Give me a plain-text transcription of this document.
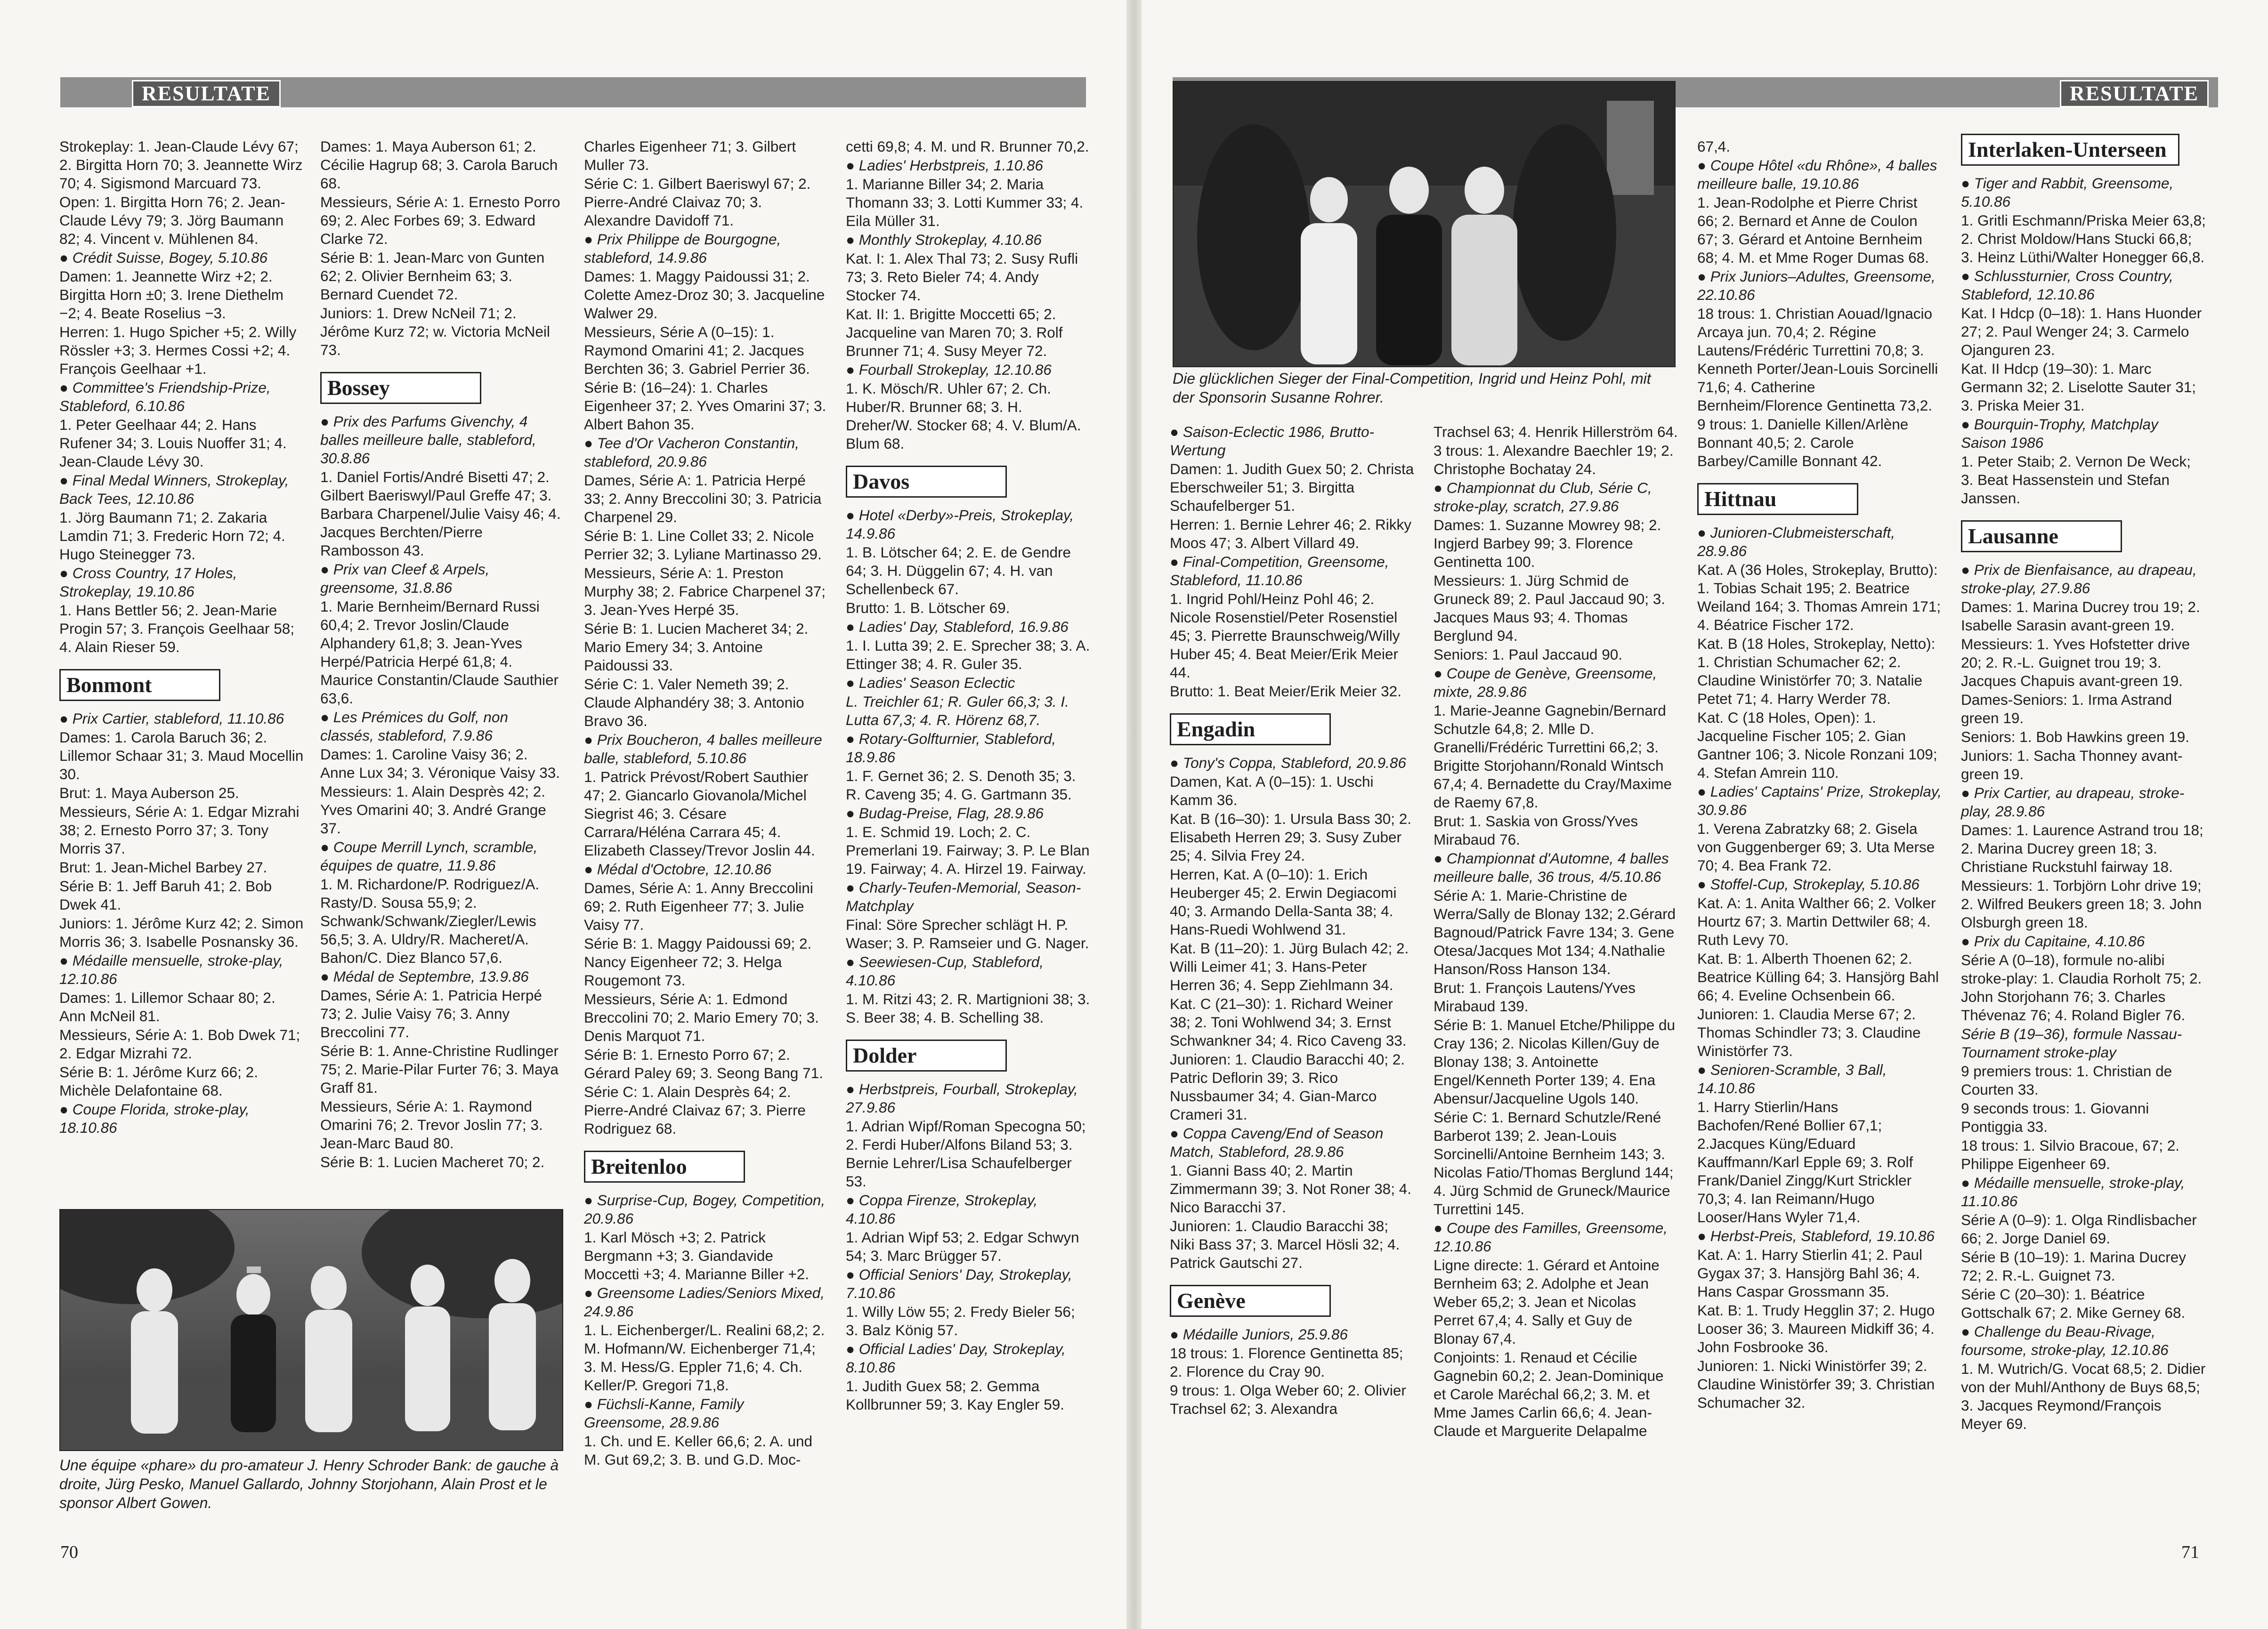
RESULTATE	RESULTATE

Strokeplay: 1. Jean-Claude Lévy 67; 2. Birgitta Horn 70; 3. Jeannette Wirz 70; 4. Sigismond Marcuard 73.

Open: 1. Birgitta Horn 76; 2. Jean-Claude Lévy 79; 3. Jörg Baumann 82; 4. Vincent v. Mühlenen 84.

● Crédit Suisse, Bogey, 5.10.86

Damen: 1. Jeannette Wirz +2; 2. Birgitta Horn ±0; 3. Irene Diethelm −2; 4. Beate Roselius −3.

Herren: 1. Hugo Spicher +5; 2. Willy Rössler +3; 3. Hermes Cossi +2; 4. François Geelhaar +1.

● Committee's Friendship-Prize, Stableford, 6.10.86

1. Peter Geelhaar 44; 2. Hans Rufener 34; 3. Louis Nuoffer 31; 4. Jean-Claude Lévy 30.

● Final Medal Winners, Strokeplay, Back Tees, 12.10.86

1. Jörg Baumann 71; 2. Zakaria Lamdin 71; 3. Frederic Horn 72; 4. Hugo Steinegger 73.

● Cross Country, 17 Holes, Strokeplay, 19.10.86

1. Hans Bettler 56; 2. Jean-Marie Progin 57; 3. François Geelhaar 58; 4. Alain Rieser 59.

Bonmont

● Prix Cartier, stableford, 11.10.86

Dames: 1. Carola Baruch 36; 2. Lillemor Schaar 31; 3. Maud Mocellin 30.

Brut: 1. Maya Auberson 25.

Messieurs, Série A: 1. Edgar Mizrahi 38; 2. Ernesto Porro 37; 3. Tony Morris 37.

Brut: 1. Jean-Michel Barbey 27.

Série B: 1. Jeff Baruh 41; 2. Bob Dwek 41.

Juniors: 1. Jérôme Kurz 42; 2. Simon Morris 36; 3. Isabelle Posnansky 36.

● Médaille mensuelle, stroke-play, 12.10.86

Dames: 1. Lillemor Schaar 80; 2. Ann McNeil 81.

Messieurs, Série A: 1. Bob Dwek 71; 2. Edgar Mizrahi 72.

Série B: 1. Jérôme Kurz 66; 2. Michèle Delafontaine 68.

● Coupe Florida, stroke-play, 18.10.86

Dames: 1. Maya Auberson 61; 2. Cécilie Hagrup 68; 3. Carola Baruch 68.

Messieurs, Série A: 1. Ernesto Porro 69; 2. Alec Forbes 69; 3. Edward Clarke 72.

Série B: 1. Jean-Marc von Gunten 62; 2. Olivier Bernheim 63; 3. Bernard Cuendet 72.

Juniors: 1. Drew NcNeil 71; 2. Jérôme Kurz 72; w. Victoria McNeil 73.

Bossey

● Prix des Parfums Givenchy, 4 balles meilleure balle, stableford, 30.8.86

1. Daniel Fortis/André Bisetti 47; 2. Gilbert Baeriswyl/Paul Greffe 47; 3. Barbara Charpenel/Julie Vaisy 46; 4. Jacques Berchten/Pierre Rambosson 43.

● Prix van Cleef & Arpels, greensome, 31.8.86

1. Marie Bernheim/Bernard Russi 60,4; 2. Trevor Joslin/Claude Alphandery 61,8; 3. Jean-Yves Herpé/Patricia Herpé 61,8; 4. Maurice Constantin/Claude Sauthier 63,6.

● Les Prémices du Golf, non classés, stableford, 7.9.86

Dames: 1. Caroline Vaisy 36; 2. Anne Lux 34; 3. Véronique Vaisy 33.

Messieurs: 1. Alain Desprès 42; 2. Yves Omarini 40; 3. André Grange 37.

● Coupe Merrill Lynch, scramble, équipes de quatre, 11.9.86

1. M. Richardone/P. Rodriguez/A. Rasty/D. Sousa 55,9; 2. Schwank/Schwank/Ziegler/Lewis 56,5; 3. A. Uldry/R. Macheret/A. Bahon/C. Diez Blanco 57,6.

● Médal de Septembre, 13.9.86

Dames, Série A: 1. Patricia Herpé 73; 2. Julie Vaisy 76; 3. Anny Breccolini 77.

Série B: 1. Anne-Christine Rudlinger 75; 2. Marie-Pilar Furter 76; 3. Maya Graff 81.

Messieurs, Série A: 1. Raymond Omarini 76; 2. Trevor Joslin 77; 3. Jean-Marc Baud 80.

Série B: 1. Lucien Macheret 70; 2.

Une équipe «phare» du pro-amateur J. Henry Schroder Bank: de gauche à droite, Jürg Pesko, Manuel Gallardo, Johnny Storjohann, Alain Prost et le sponsor Albert Gowen.

Charles Eigenheer 71; 3. Gilbert Muller 73.

Série C: 1. Gilbert Baeriswyl 67; 2. Pierre-André Claivaz 70; 3. Alexandre Davidoff 71.

● Prix Philippe de Bourgogne, stableford, 14.9.86

Dames: 1. Maggy Paidoussi 31; 2. Colette Amez-Droz 30; 3. Jacqueline Walwer 29.

Messieurs, Série A (0–15): 1. Raymond Omarini 41; 2. Jacques Berchten 36; 3. Gabriel Perrier 36.

Série B: (16–24): 1. Charles Eigenheer 37; 2. Yves Omarini 37; 3. Albert Bahon 35.

● Tee d'Or Vacheron Constantin, stableford, 20.9.86

Dames, Série A: 1. Patricia Herpé 33; 2. Anny Breccolini 30; 3. Patricia Charpenel 29.

Série B: 1. Line Collet 33; 2. Nicole Perrier 32; 3. Lyliane Martinasso 29.

Messieurs, Série A: 1. Preston Murphy 38; 2. Fabrice Charpenel 37; 3. Jean-Yves Herpé 35.

Série B: 1. Lucien Macheret 34; 2. Mario Emery 34; 3. Antoine Paidoussi 33.

Série C: 1. Valer Nemeth 39; 2. Claude Alphandéry 38; 3. Antonio Bravo 36.

● Prix Boucheron, 4 balles meilleure balle, stableford, 5.10.86

1. Patrick Prévost/Robert Sauthier 47; 2. Giancarlo Giovanola/Michel Siegrist 46; 3. Césare Carrara/Héléna Carrara 45; 4. Elizabeth Classey/Trevor Joslin 44.

● Médal d'Octobre, 12.10.86

Dames, Série A: 1. Anny Breccolini 69; 2. Ruth Eigenheer 77; 3. Julie Vaisy 77.

Série B: 1. Maggy Paidoussi 69; 2. Nancy Eigenheer 72; 3. Helga Rougemont 73.

Messieurs, Série A: 1. Edmond Breccolini 70; 2. Mario Emery 70; 3. Denis Marquot 71.

Série B: 1. Ernesto Porro 67; 2. Gérard Paley 69; 3. Seong Bang 71.

Série C: 1. Alain Desprès 64; 2. Pierre-André Claivaz 67; 3. Pierre Rodriguez 68.

Breitenloo

● Surprise-Cup, Bogey, Competition, 20.9.86

1. Karl Mösch +3; 2. Patrick Bergmann +3; 3. Giandavide Moccetti +3; 4. Marianne Biller +2.

● Greensome Ladies/Seniors Mixed, 24.9.86

1. L. Eichenberger/L. Realini 68,2; 2. M. Hofmann/W. Eichenberger 71,4; 3. M. Hess/G. Eppler 71,6; 4. Ch. Keller/P. Gregori 71,8.

● Füchsli-Kanne, Family Greensome, 28.9.86

1. Ch. und E. Keller 66,6; 2. A. und M. Gut 69,2; 3. B. und G.D. Moc-

cetti 69,8; 4. M. und R. Brunner 70,2.

● Ladies' Herbstpreis, 1.10.86

1. Marianne Biller 34; 2. Maria Thomann 33; 3. Lotti Kummer 33; 4. Eila Müller 31.

● Monthly Strokeplay, 4.10.86

Kat. I: 1. Alex Thal 73; 2. Susy Rufli 73; 3. Reto Bieler 74; 4. Andy Stocker 74.

Kat. II: 1. Brigitte Moccetti 65; 2. Jacqueline van Maren 70; 3. Rolf Brunner 71; 4. Susy Meyer 72.

● Fourball Strokeplay, 12.10.86

1. K. Mösch/R. Uhler 67; 2. Ch. Huber/R. Brunner 68; 3. H. Dreher/W. Stocker 68; 4. V. Blum/A. Blum 68.

Davos

● Hotel «Derby»-Preis, Strokeplay, 14.9.86

1. B. Lötscher 64; 2. E. de Gendre 64; 3. H. Düggelin 67; 4. H. van Schellenbeck 67.

Brutto: 1. B. Lötscher 69.

● Ladies' Day, Stableford, 16.9.86

1. I. Lutta 39; 2. E. Sprecher 38; 3. A. Ettinger 38; 4. R. Guler 35.

● Ladies' Season Eclectic

L. Treichler 61; R. Guler 66,3; 3. I. Lutta 67,3; 4. R. Hörenz 68,7.

● Rotary-Golfturnier, Stableford, 18.9.86

1. F. Gernet 36; 2. S. Denoth 35; 3. R. Caveng 35; 4. G. Gartmann 35.

● Budag-Preise, Flag, 28.9.86

1. E. Schmid 19. Loch; 2. C. Premerlani 19. Fairway; 3. P. Le Blan 19. Fairway; 4. A. Hirzel 19. Fairway.

● Charly-Teufen-Memorial, Season-Matchplay

Final: Söre Sprecher schlägt H. P. Waser; 3. P. Ramseier und G. Nager.

● Seewiesen-Cup, Stableford, 4.10.86

1. M. Ritzi 43; 2. R. Martignioni 38; 3. S. Beer 38; 4. B. Schelling 38.

Dolder

● Herbstpreis, Fourball, Strokeplay, 27.9.86

1. Adrian Wipf/Roman Specogna 50; 2. Ferdi Huber/Alfons Biland 53; 3. Bernie Lehrer/Lisa Schaufelberger 53.

● Coppa Firenze, Strokeplay, 4.10.86

1. Adrian Wipf 53; 2. Edgar Schwyn 54; 3. Marc Brügger 57.

● Official Seniors' Day, Strokeplay, 7.10.86

1. Willy Löw 55; 2. Fredy Bieler 56; 3. Balz König 57.

● Official Ladies' Day, Strokeplay, 8.10.86

1. Judith Guex 58; 2. Gemma Kollbrunner 59; 3. Kay Engler 59.

70
Die glücklichen Sieger der Final-Competition, Ingrid und Heinz Pohl, mit der Sponsorin Susanne Rohrer.

● Saison-Eclectic 1986, Brutto-Wertung

Damen: 1. Judith Guex 50; 2. Christa Eberschweiler 51; 3. Birgitta Schaufelberger 51.

Herren: 1. Bernie Lehrer 46; 2. Rikky Moos 47; 3. Albert Villard 49.

● Final-Competition, Greensome, Stableford, 11.10.86

1. Ingrid Pohl/Heinz Pohl 46; 2. Nicole Rosenstiel/Peter Rosenstiel 45; 3. Pierrette Braunschweig/Willy Huber 45; 4. Beat Meier/Erik Meier 44.

Brutto: 1. Beat Meier/Erik Meier 32.

Engadin

● Tony's Coppa, Stableford, 20.9.86

Damen, Kat. A (0–15): 1. Uschi Kamm 36.

Kat. B (16–30): 1. Ursula Bass 30; 2. Elisabeth Herren 29; 3. Susy Zuber 25; 4. Silvia Frey 24.

Herren, Kat. A (0–10): 1. Erich Heuberger 45; 2. Erwin Degiacomi 40; 3. Armando Della-Santa 38; 4. Hans-Ruedi Wohlwend 31.

Kat. B (11–20): 1. Jürg Bulach 42; 2. Willi Leimer 41; 3. Hans-Peter Herren 36; 4. Sepp Ziehlmann 34.

Kat. C (21–30): 1. Richard Weiner 38; 2. Toni Wohlwend 34; 3. Ernst Schwankner 34; 4. Rico Caveng 33.

Junioren: 1. Claudio Baracchi 40; 2. Patric Deflorin 39; 3. Rico Nussbaumer 34; 4. Gian-Marco Crameri 31.

● Coppa Caveng/End of Season Match, Stableford, 28.9.86

1. Gianni Bass 40; 2. Martin Zimmermann 39; 3. Not Roner 38; 4. Nico Baracchi 37.

Junioren: 1. Claudio Baracchi 38; Niki Bass 37; 3. Marcel Hösli 32; 4. Patrick Gautschi 27.

Genève

● Médaille Juniors, 25.9.86

18 trous: 1. Florence Gentinetta 85; 2. Florence du Cray 90.

9 trous: 1. Olga Weber 60; 2. Olivier Trachsel 62; 3. Alexandra

Trachsel 63; 4. Henrik Hillerström 64.

3 trous: 1. Alexandre Baechler 19; 2. Christophe Bochatay 24.

● Championnat du Club, Série C, stroke-play, scratch, 27.9.86

Dames: 1. Suzanne Mowrey 98; 2. Ingjerd Barbey 99; 3. Florence Gentinetta 100.

Messieurs: 1. Jürg Schmid de Gruneck 89; 2. Paul Jaccaud 90; 3. Jacques Maus 93; 4. Thomas Berglund 94.

Seniors: 1. Paul Jaccaud 90.

● Coupe de Genève, Greensome, mixte, 28.9.86

1. Marie-Jeanne Gagnebin/Bernard Schutzle 64,8; 2. Mlle D. Granelli/Frédéric Turrettini 66,2; 3. Brigitte Storjohann/Ronald Wintsch 67,4; 4. Bernadette du Cray/Maxime de Raemy 67,8.

Brut: 1. Saskia von Gross/Yves Mirabaud 76.

● Championnat d'Automne, 4 balles meilleure balle, 36 trous, 4/5.10.86

Série A: 1. Marie-Christine de Werra/Sally de Blonay 132; 2.Gérard Bagnoud/Patrick Favre 134; 3. Gene Otesa/Jacques Mot 134; 4.Nathalie Hanson/Ross Hanson 134.

Brut: 1. François Lautens/Yves Mirabaud 139.

Série B: 1. Manuel Etche/Philippe du Cray 136; 2. Nicolas Killen/Guy de Blonay 138; 3. Antoinette Engel/Kenneth Porter 139; 4. Ena Abensur/Jacqueline Ugols 140.

Série C: 1. Bernard Schutzle/René Barberot 139; 2. Jean-Louis Sorcinelli/Antoine Bernheim 143; 3. Nicolas Fatio/Thomas Berglund 144; 4. Jürg Schmid de Gruneck/Maurice Turrettini 145.

● Coupe des Familles, Greensome, 12.10.86

Ligne directe: 1. Gérard et Antoine Bernheim 63; 2. Adolphe et Jean Weber 65,2; 3. Jean et Nicolas Perret 67,4; 4. Sally et Guy de Blonay 67,4.

Conjoints: 1. Renaud et Cécilie Gagnebin 60,2; 2. Jean-Dominique et Carole Maréchal 66,2; 3. M. et Mme James Carlin 66,6; 4. Jean-Claude et Marguerite Delapalme

67,4.

● Coupe Hôtel «du Rhône», 4 balles meilleure balle, 19.10.86

1. Jean-Rodolphe et Pierre Christ 66; 2. Bernard et Anne de Coulon 67; 3. Gérard et Antoine Bernheim 68; 4. M. et Mme Roger Dumas 68.

● Prix Juniors–Adultes, Greensome, 22.10.86

18 trous: 1. Christian Aouad/Ignacio Arcaya jun. 70,4; 2. Régine Lautens/Frédéric Turrettini 70,8; 3. Kenneth Porter/Jean-Louis Sorcinelli 71,6; 4. Catherine Bernheim/Florence Gentinetta 73,2.

9 trous: 1. Danielle Killen/Arlène Bonnant 40,5; 2. Carole Barbey/Camille Bonnant 42.

Hittnau

● Junioren-Clubmeisterschaft, 28.9.86

Kat. A (36 Holes, Strokeplay, Brutto): 1. Tobias Schait 195; 2. Beatrice Weiland 164; 3. Thomas Amrein 171; 4. Béatrice Fischer 172.

Kat. B (18 Holes, Strokeplay, Netto): 1. Christian Schumacher 62; 2. Claudine Winistörfer 70; 3. Natalie Petet 71; 4. Harry Werder 78.

Kat. C (18 Holes, Open): 1. Jacqueline Fischer 105; 2. Gian Gantner 106; 3. Nicole Ronzani 109; 4. Stefan Amrein 110.

● Ladies' Captains' Prize, Strokeplay, 30.9.86

1. Verena Zabratzky 68; 2. Gisela von Guggenberger 69; 3. Uta Merse 70; 4. Bea Frank 72.

● Stoffel-Cup, Strokeplay, 5.10.86

Kat. A: 1. Anita Walther 66; 2. Volker Hourtz 67; 3. Martin Dettwiler 68; 4. Ruth Levy 70.

Kat. B: 1. Alberth Thoenen 62; 2. Beatrice Külling 64; 3. Hansjörg Bahl 66; 4. Eveline Ochsenbein 66.

Junioren: 1. Claudia Merse 67; 2. Thomas Schindler 73; 3. Claudine Winistörfer 73.

● Senioren-Scramble, 3 Ball, 14.10.86

1. Harry Stierlin/Hans Bachofen/René Bollier 67,1; 2.Jacques Küng/Eduard Kauffmann/Karl Epple 69; 3. Rolf Frank/Daniel Zingg/Kurt Strickler 70,3; 4. Ian Reimann/Hugo Looser/Hans Wyler 71,4.

● Herbst-Preis, Stableford, 19.10.86

Kat. A: 1. Harry Stierlin 41; 2. Paul Gygax 37; 3. Hansjörg Bahl 36; 4. Hans Caspar Grossmann 35.

Kat. B: 1. Trudy Hegglin 37; 2. Hugo Looser 36; 3. Maureen Midkiff 36; 4. John Fosbrooke 36.

Junioren: 1. Nicki Winistörfer 39; 2. Claudine Winistörfer 39; 3. Christian Schumacher 32.

Interlaken-Unterseen

● Tiger and Rabbit, Greensome, 5.10.86

1. Gritli Eschmann/Priska Meier 63,8; 2. Christ Moldow/Hans Stucki 66,8; 3. Heinz Lüthi/Walter Honegger 66,8.

● Schlussturnier, Cross Country, Stableford, 12.10.86

Kat. I Hdcp (0–18): 1. Hans Huonder 27; 2. Paul Wenger 24; 3. Carmelo Ojanguren 23.

Kat. II Hdcp (19–30): 1. Marc Germann 32; 2. Liselotte Sauter 31; 3. Priska Meier 31.

● Bourquin-Trophy, Matchplay Saison 1986

1. Peter Staib; 2. Vernon De Weck; 3. Beat Hassenstein und Stefan Janssen.

Lausanne

● Prix de Bienfaisance, au drapeau, stroke-play, 27.9.86

Dames: 1. Marina Ducrey trou 19; 2. Isabelle Sarasin avant-green 19.

Messieurs: 1. Yves Hofstetter drive 20; 2. R.-L. Guignet trou 19; 3. Jacques Chapuis avant-green 19.

Dames-Seniors: 1. Irma Astrand green 19.

Seniors: 1. Bob Hawkins green 19.

Juniors: 1. Sacha Thonney avant-green 19.

● Prix Cartier, au drapeau, stroke-play, 28.9.86

Dames: 1. Laurence Astrand trou 18; 2. Marina Ducrey green 18; 3. Christiane Ruckstuhl fairway 18.

Messieurs: 1. Torbjörn Lohr drive 19; 2. Wilfred Beukers green 18; 3. John Olsburgh green 18.

● Prix du Capitaine, 4.10.86

Série A (0–18), formule no-alibi stroke-play: 1. Claudia Rorholt 75; 2. John Storjohann 76; 3. Charles Thévenaz 76; 4. Roland Bigler 76.

Série B (19–36), formule Nassau-Tournament stroke-play

9 premiers trous: 1. Christian de Courten 33.

9 seconds trous: 1. Giovanni Pontiggia 33.

18 trous: 1. Silvio Bracoue, 67; 2. Philippe Eigenheer 69.

● Médaille mensuelle, stroke-play, 11.10.86

Série A (0–9): 1. Olga Rindlisbacher 66; 2. Jorge Daniel 69.

Série B (10–19): 1. Marina Ducrey 72; 2. R.-L. Guignet 73.

Série C (20–30): 1. Béatrice Gottschalk 67; 2. Mike Gerney 68.

● Challenge du Beau-Rivage, foursome, stroke-play, 12.10.86

1. M. Wutrich/G. Vocat 68,5; 2. Didier von der Muhl/Anthony de Buys 68,5; 3. Jacques Reymond/François Meyer 69.

71
